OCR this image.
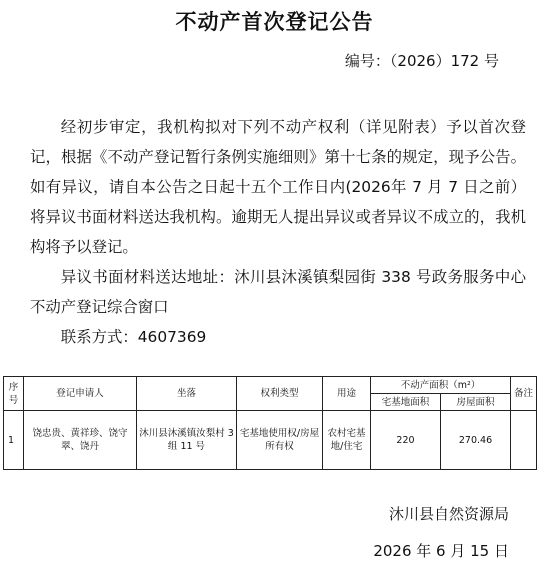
不动产首次登记公告
编号：（2026）172 号

经初步审定，我机构拟对下列不动产权利（详见附表）予以首次登记，根据《不动产登记暂行条例实施细则》第十七条的规定，现予公告。如有异议，请自本公告之日起十五个工作日内(2026年 7 月 7 日之前）将异议书面材料送达我机构。逾期无人提出异议或者异议不成立的，我机构将予以登记。

异议书面材料送达地址：沐川县沐溪镇梨园街 338 号政务服务中心不动产登记综合窗口

联系方式：4607369

序号	登记申请人	坐落	权利类型	用途	不动产面积（m²）		备注
					宅基地面积	房屋面积	
1	饶忠贵、黄祥珍、饶守翠、饶丹	沐川县沐溪镇汝梨村 3 组 11 号	宅基地使用权/房屋所有权	农村宅基地/住宅	220	270.46	
沐川县自然资源局
2026 年 6 月 15 日
